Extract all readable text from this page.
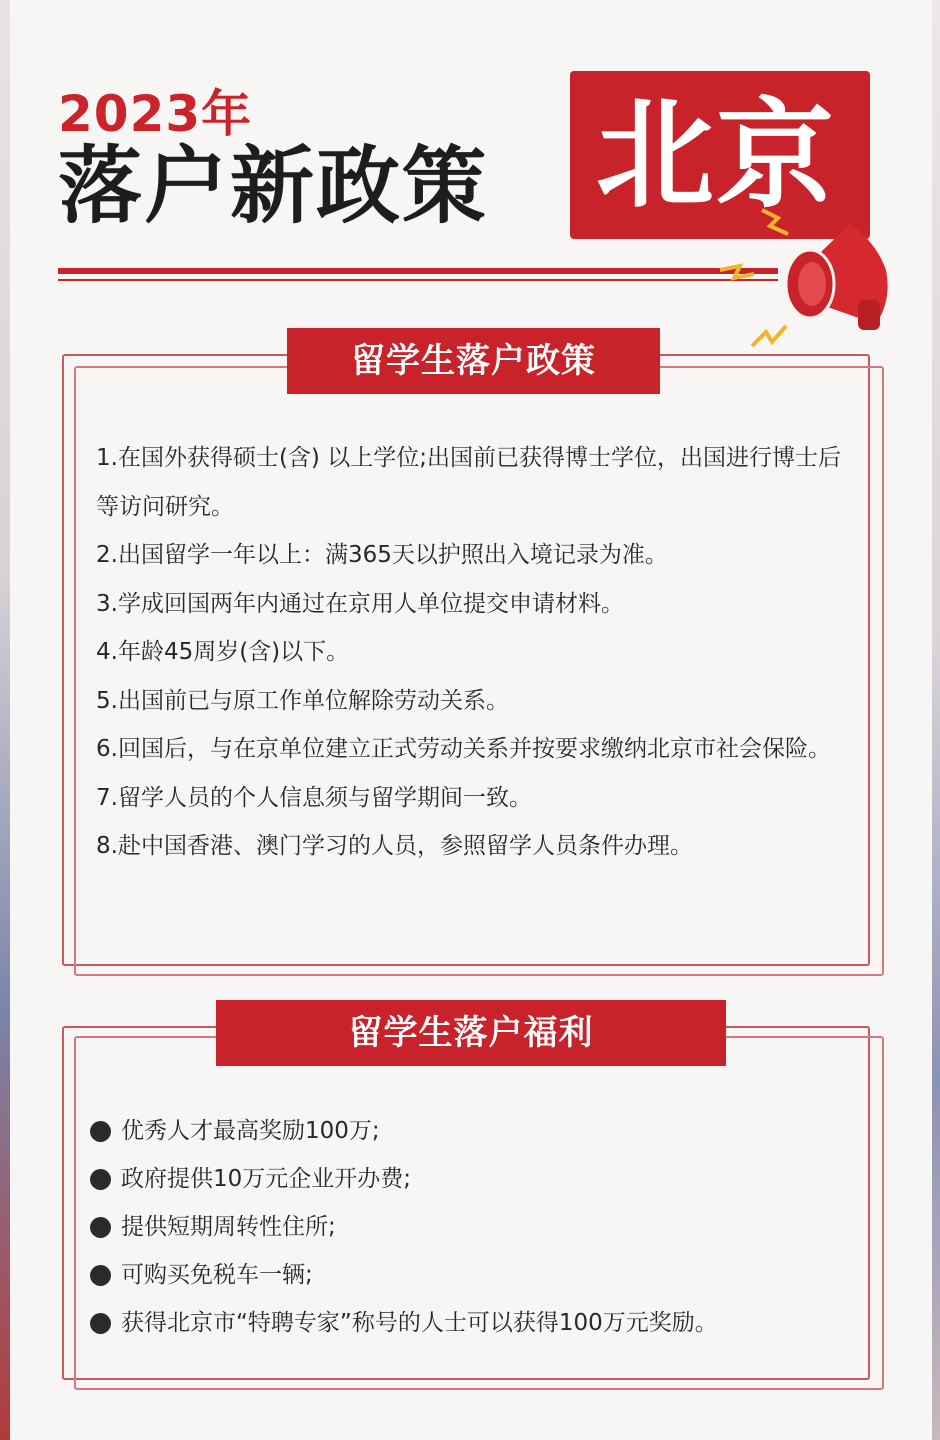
2023年
落户新政策 北京
留学生落户政策
1.在国外获得硕士(含) 以上学位;出国前已获得博士学位，出国进行博士后等访问研究。
2.出国留学一年以上：满365天以护照出入境记录为准。
3.学成回国两年内通过在京用人单位提交申请材料。
4.年龄45周岁(含)以下。
5.出国前已与原工作单位解除劳动关系。
6.回国后，与在京单位建立正式劳动关系并按要求缴纳北京市社会保险。
7.留学人员的个人信息须与留学期间一致。
8.赴中国香港、澳门学习的人员，参照留学人员条件办理。
留学生落户福利
优秀人才最高奖励100万;
政府提供10万元企业开办费;
提供短期周转性住所;
可购买免税车一辆;
获得北京市“特聘专家”称号的人士可以获得100万元奖励。
